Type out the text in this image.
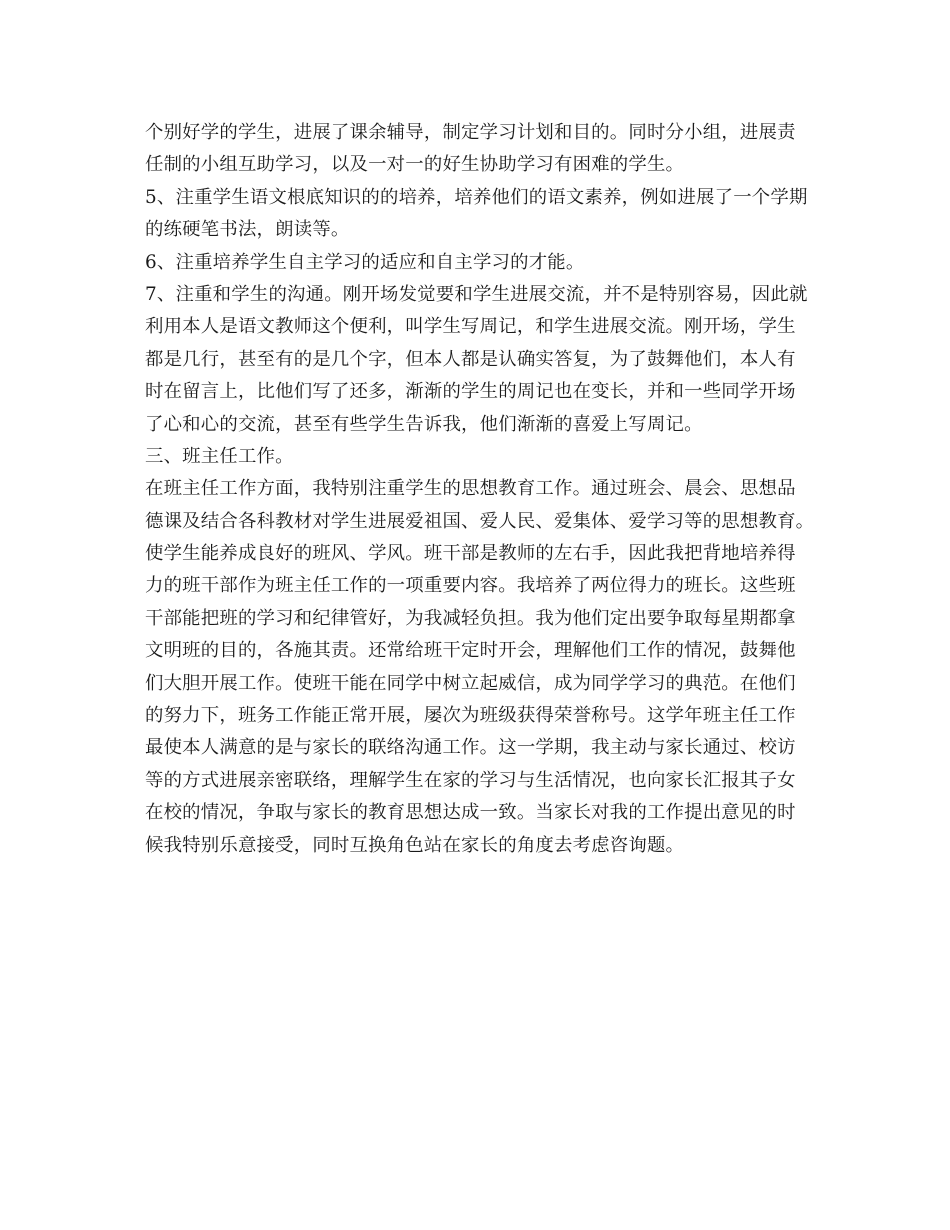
个别好学的学生，进展了课余辅导，制定学习计划和目的。同时分小组，进展责
任制的小组互助学习，以及一对一的好生协助学习有困难的学生。
5、注重学生语文根底知识的的培养，培养他们的语文素养，例如进展了一个学期
的练硬笔书法，朗读等。
6、注重培养学生自主学习的适应和自主学习的才能。
7、注重和学生的沟通。刚开场发觉要和学生进展交流，并不是特别容易，因此就
利用本人是语文教师这个便利，叫学生写周记，和学生进展交流。刚开场，学生
都是几行，甚至有的是几个字，但本人都是认确实答复，为了鼓舞他们，本人有
时在留言上，比他们写了还多，渐渐的学生的周记也在变长，并和一些同学开场
了心和心的交流，甚至有些学生告诉我，他们渐渐的喜爱上写周记。
三、班主任工作。
在班主任工作方面，我特别注重学生的思想教育工作。通过班会、晨会、思想品
德课及结合各科教材对学生进展爱祖国、爱人民、爱集体、爱学习等的思想教育。
使学生能养成良好的班风、学风。班干部是教师的左右手，因此我把背地培养得
力的班干部作为班主任工作的一项重要内容。我培养了两位得力的班长。这些班
干部能把班的学习和纪律管好，为我减轻负担。我为他们定出要争取每星期都拿
文明班的目的，各施其责。还常给班干定时开会，理解他们工作的情况，鼓舞他
们大胆开展工作。使班干能在同学中树立起威信，成为同学学习的典范。在他们
的努力下，班务工作能正常开展，屡次为班级获得荣誉称号。这学年班主任工作
最使本人满意的是与家长的联络沟通工作。这一学期，我主动与家长通过、校访
等的方式进展亲密联络，理解学生在家的学习与生活情况，也向家长汇报其子女
在校的情况，争取与家长的教育思想达成一致。当家长对我的工作提出意见的时
候我特别乐意接受，同时互换角色站在家长的角度去考虑咨询题。
